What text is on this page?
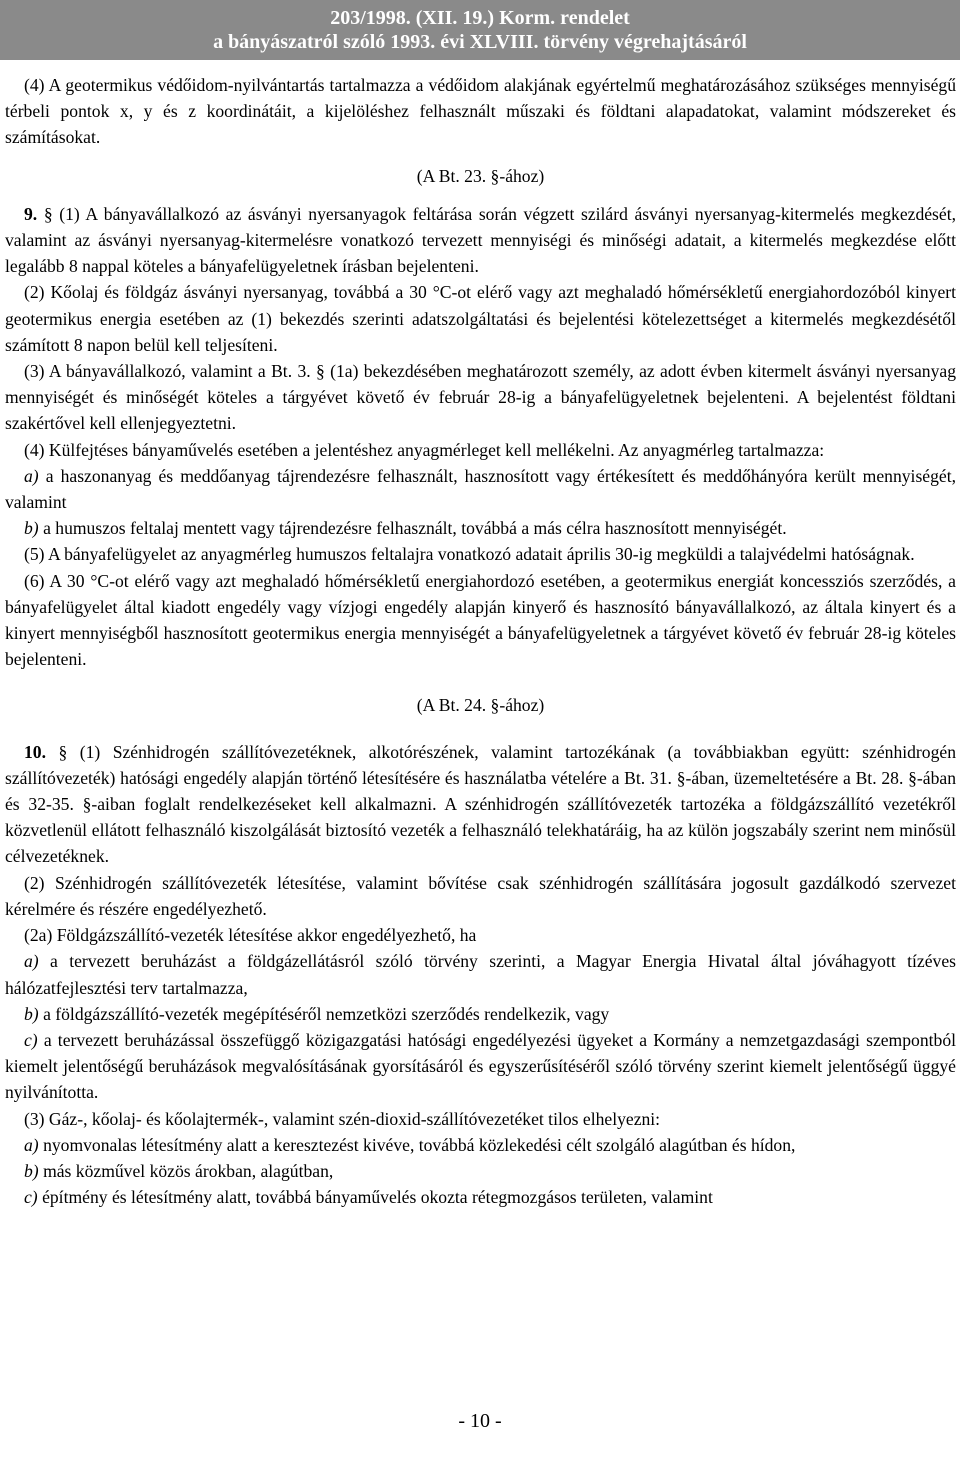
203/1998. (XII. 19.) Korm. rendelet
a bányászatról szóló 1993. évi XLVIII. törvény végrehajtásáról

(4) A geotermikus védőidom-nyilvántartás tartalmazza a védőidom alakjának egyértelmű meghatározásához szükséges mennyiségű térbeli pontok x, y és z koordinátáit, a kijelöléshez felhasznált műszaki és földtani alapadatokat, valamint módszereket és számításokat.

(A Bt. 23. §-ához)

9. § (1) A bányavállalkozó az ásványi nyersanyagok feltárása során végzett szilárd ásványi nyersanyag-kitermelés megkezdését, valamint az ásványi nyersanyag-kitermelésre vonatkozó tervezett mennyiségi és minőségi adatait, a kitermelés megkezdése előtt legalább 8 nappal köteles a bányafelügyeletnek írásban bejelenteni.

(2) Kőolaj és földgáz ásványi nyersanyag, továbbá a 30 °C-ot elérő vagy azt meghaladó hőmérsékletű energiahordozóból kinyert geotermikus energia esetében az (1) bekezdés szerinti adatszolgáltatási és bejelentési kötelezettséget a kitermelés megkezdésétől számított 8 napon belül kell teljesíteni.

(3) A bányavállalkozó, valamint a Bt. 3. § (1a) bekezdésében meghatározott személy, az adott évben kitermelt ásványi nyersanyag mennyiségét és minőségét köteles a tárgyévet követő év február 28-ig a bányafelügyeletnek bejelenteni. A bejelentést földtani szakértővel kell ellenjegyeztetni.

(4) Külfejtéses bányaművelés esetében a jelentéshez anyagmérleget kell mellékelni. Az anyagmérleg tartalmazza:

a) a haszonanyag és meddőanyag tájrendezésre felhasznált, hasznosított vagy értékesített és meddőhányóra került mennyiségét, valamint

b) a humuszos feltalaj mentett vagy tájrendezésre felhasznált, továbbá a más célra hasznosított mennyiségét.

(5) A bányafelügyelet az anyagmérleg humuszos feltalajra vonatkozó adatait április 30-ig megküldi a talajvédelmi hatóságnak.

(6) A 30 °C-ot elérő vagy azt meghaladó hőmérsékletű energiahordozó esetében, a geotermikus energiát koncessziós szerződés, a bányafelügyelet által kiadott engedély vagy vízjogi engedély alapján kinyerő és hasznosító bányavállalkozó, az általa kinyert és a kinyert mennyiségből hasznosított geotermikus energia mennyiségét a bányafelügyeletnek a tárgyévet követő év február 28-ig köteles bejelenteni.

(A Bt. 24. §-ához)

10. § (1) Szénhidrogén szállítóvezetéknek, alkotórészének, valamint tartozékának (a továbbiakban együtt: szénhidrogén szállítóvezeték) hatósági engedély alapján történő létesítésére és használatba vételére a Bt. 31. §-ában, üzemeltetésére a Bt. 28. §-ában és 32-35. §-aiban foglalt rendelkezéseket kell alkalmazni. A szénhidrogén szállítóvezeték tartozéka a földgázszállító vezetékről közvetlenül ellátott felhasználó kiszolgálását biztosító vezeték a felhasználó telekhatáráig, ha az külön jogszabály szerint nem minősül célvezetéknek.

(2) Szénhidrogén szállítóvezeték létesítése, valamint bővítése csak szénhidrogén szállítására jogosult gazdálkodó szervezet kérelmére és részére engedélyezhető.

(2a) Földgázszállító-vezeték létesítése akkor engedélyezhető, ha

a) a tervezett beruházást a földgázellátásról szóló törvény szerinti, a Magyar Energia Hivatal által jóváhagyott tízéves hálózatfejlesztési terv tartalmazza,

b) a földgázszállító-vezeték megépítéséről nemzetközi szerződés rendelkezik, vagy

c) a tervezett beruházással összefüggő közigazgatási hatósági engedélyezési ügyeket a Kormány a nemzetgazdasági szempontból kiemelt jelentőségű beruházások megvalósításának gyorsításáról és egyszerűsítéséről szóló törvény szerint kiemelt jelentőségű üggyé nyilvánította.

(3) Gáz-, kőolaj- és kőolajtermék-, valamint szén-dioxid-szállítóvezetéket tilos elhelyezni:

a) nyomvonalas létesítmény alatt a keresztezést kivéve, továbbá közlekedési célt szolgáló alagútban és hídon,

b) más közművel közös árokban, alagútban,

c) építmény és létesítmény alatt, továbbá bányaművelés okozta rétegmozgásos területen, valamint

- 10 -
